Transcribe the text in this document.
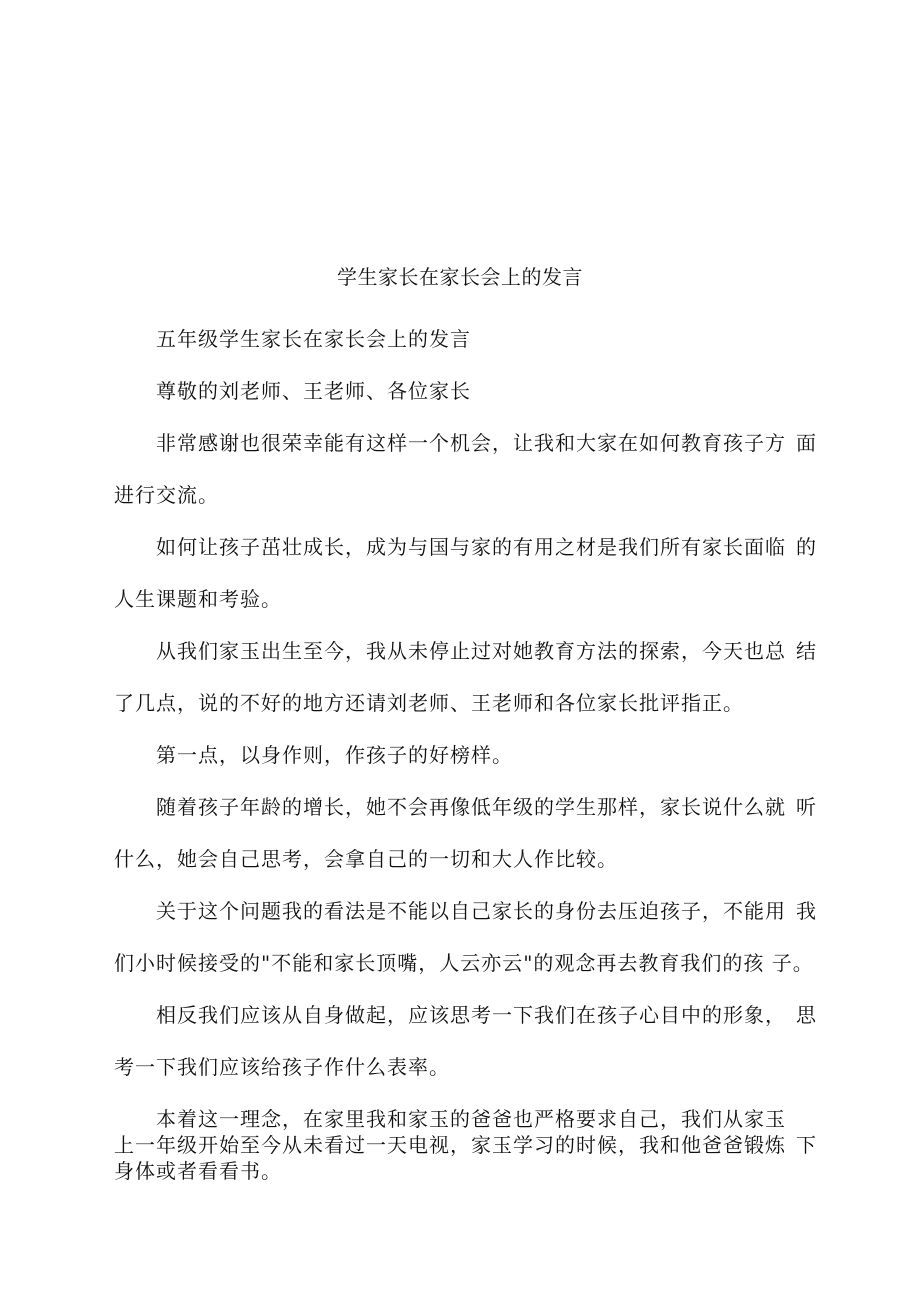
学生家长在家长会上的发言
五年级学生家长在家长会上的发言
尊敬的刘老师、王老师、各位家长
非常感谢也很荣幸能有这样一个机会，让我和大家在如何教育孩子方 面
进行交流。
如何让孩子茁壮成长，成为与国与家的有用之材是我们所有家长面临 的
人生课题和考验。
从我们家玉出生至今，我从未停止过对她教育方法的探索，今天也总 结
了几点，说的不好的地方还请刘老师、王老师和各位家长批评指正。
第一点，以身作则，作孩子的好榜样。
随着孩子年龄的增长，她不会再像低年级的学生那样，家长说什么就 听
什么，她会自己思考，会拿自己的一切和大人作比较。
关于这个问题我的看法是不能以自己家长的身份去压迫孩子，不能用 我
们小时候接受的"不能和家长顶嘴，人云亦云"的观念再去教育我们的孩 子。
相反我们应该从自身做起，应该思考一下我们在孩子心目中的形象， 思
考一下我们应该给孩子作什么表率。
本着这一理念，在家里我和家玉的爸爸也严格要求自己，我们从家玉
上一年级开始至今从未看过一天电视，家玉学习的时候，我和他爸爸锻炼 下
身体或者看看书。
